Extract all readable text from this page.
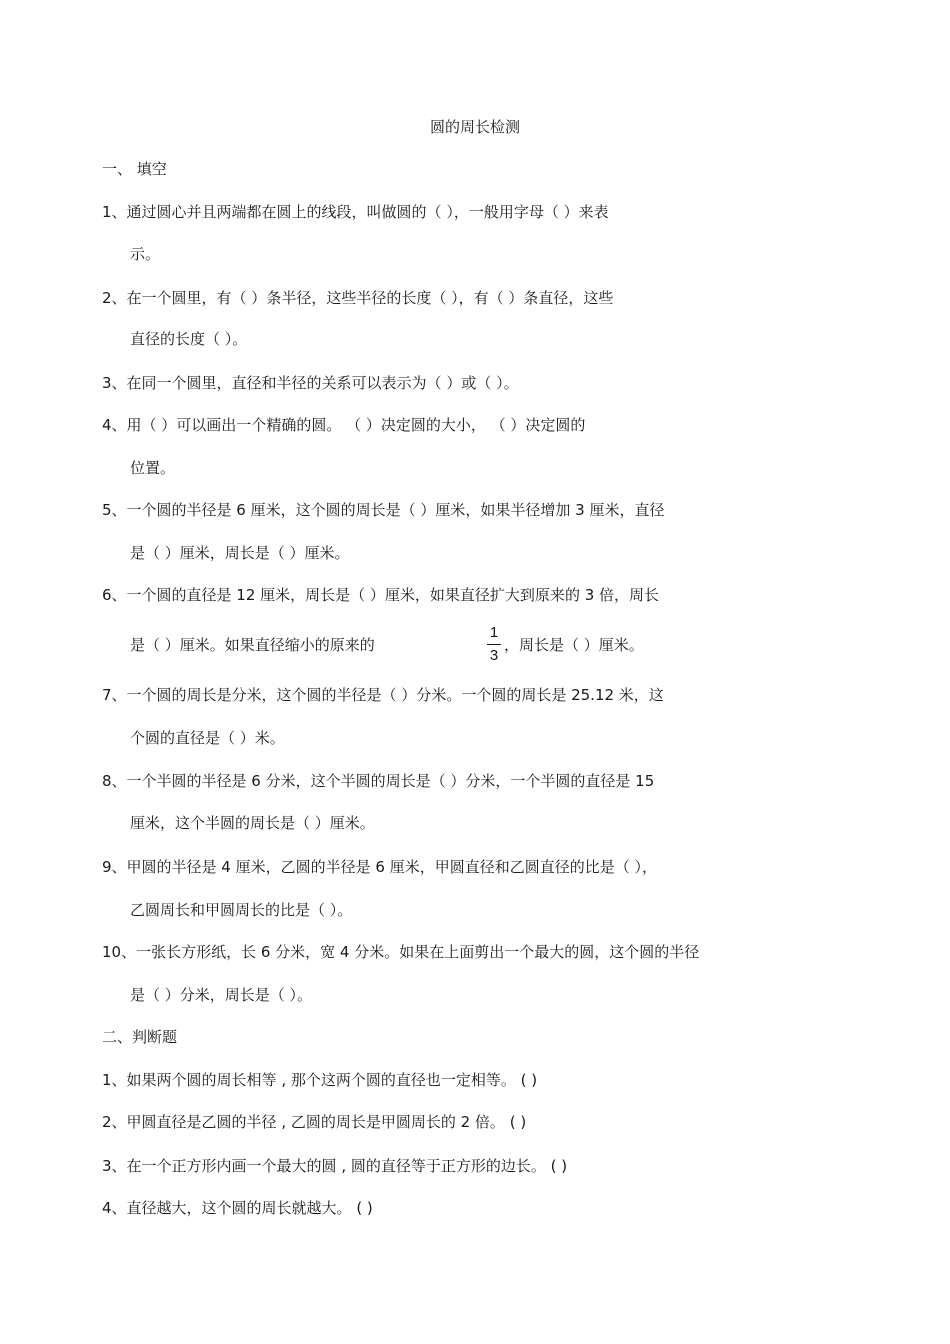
圆的周长检测
一、 填空
1、通过圆心并且两端都在圆上的线段，叫做圆的（ ），一般用字母（ ）来表
示。
2、在一个圆里，有（ ）条半径，这些半径的长度（ ），有（ ）条直径，这些
直径的长度（ ）。
3、在同一个圆里，直径和半径的关系可以表示为（ ）或（ ）。
4、用（ ）可以画出一个精确的圆。 （ ）决定圆的大小， （ ）决定圆的
位置。
5、一个圆的半径是 6 厘米，这个圆的周长是（ ）厘米，如果半径增加 3 厘米，直径
是（ ）厘米，周长是（ ）厘米。
6、一个圆的直径是 12 厘米，周长是（ ）厘米，如果直径扩大到原来的 3 倍，周长
是（ ）厘米。如果直径缩小的原来的
1
3
，周长是（ ）厘米。
7、一个圆的周长是分米，这个圆的半径是（ ）分米。一个圆的周长是 25.12 米，这
个圆的直径是（ ）米。
8、一个半圆的半径是 6 分米，这个半圆的周长是（ ）分米，一个半圆的直径是 15
厘米，这个半圆的周长是（ ）厘米。
9、甲圆的半径是 4 厘米，乙圆的半径是 6 厘米，甲圆直径和乙圆直径的比是（ ），
乙圆周长和甲圆周长的比是（ ）。
10、一张长方形纸，长 6 分米，宽 4 分米。如果在上面剪出一个最大的圆，这个圆的半径
是（ ）分米，周长是（ ）。
二、判断题
1、如果两个圆的周长相等 , 那个这两个圆的直径也一定相等。 ( )
2、甲圆直径是乙圆的半径 , 乙圆的周长是甲圆周长的 2 倍。 ( )
3、在一个正方形内画一个最大的圆 , 圆的直径等于正方形的边长。 ( )
4、直径越大，这个圆的周长就越大。 ( )
